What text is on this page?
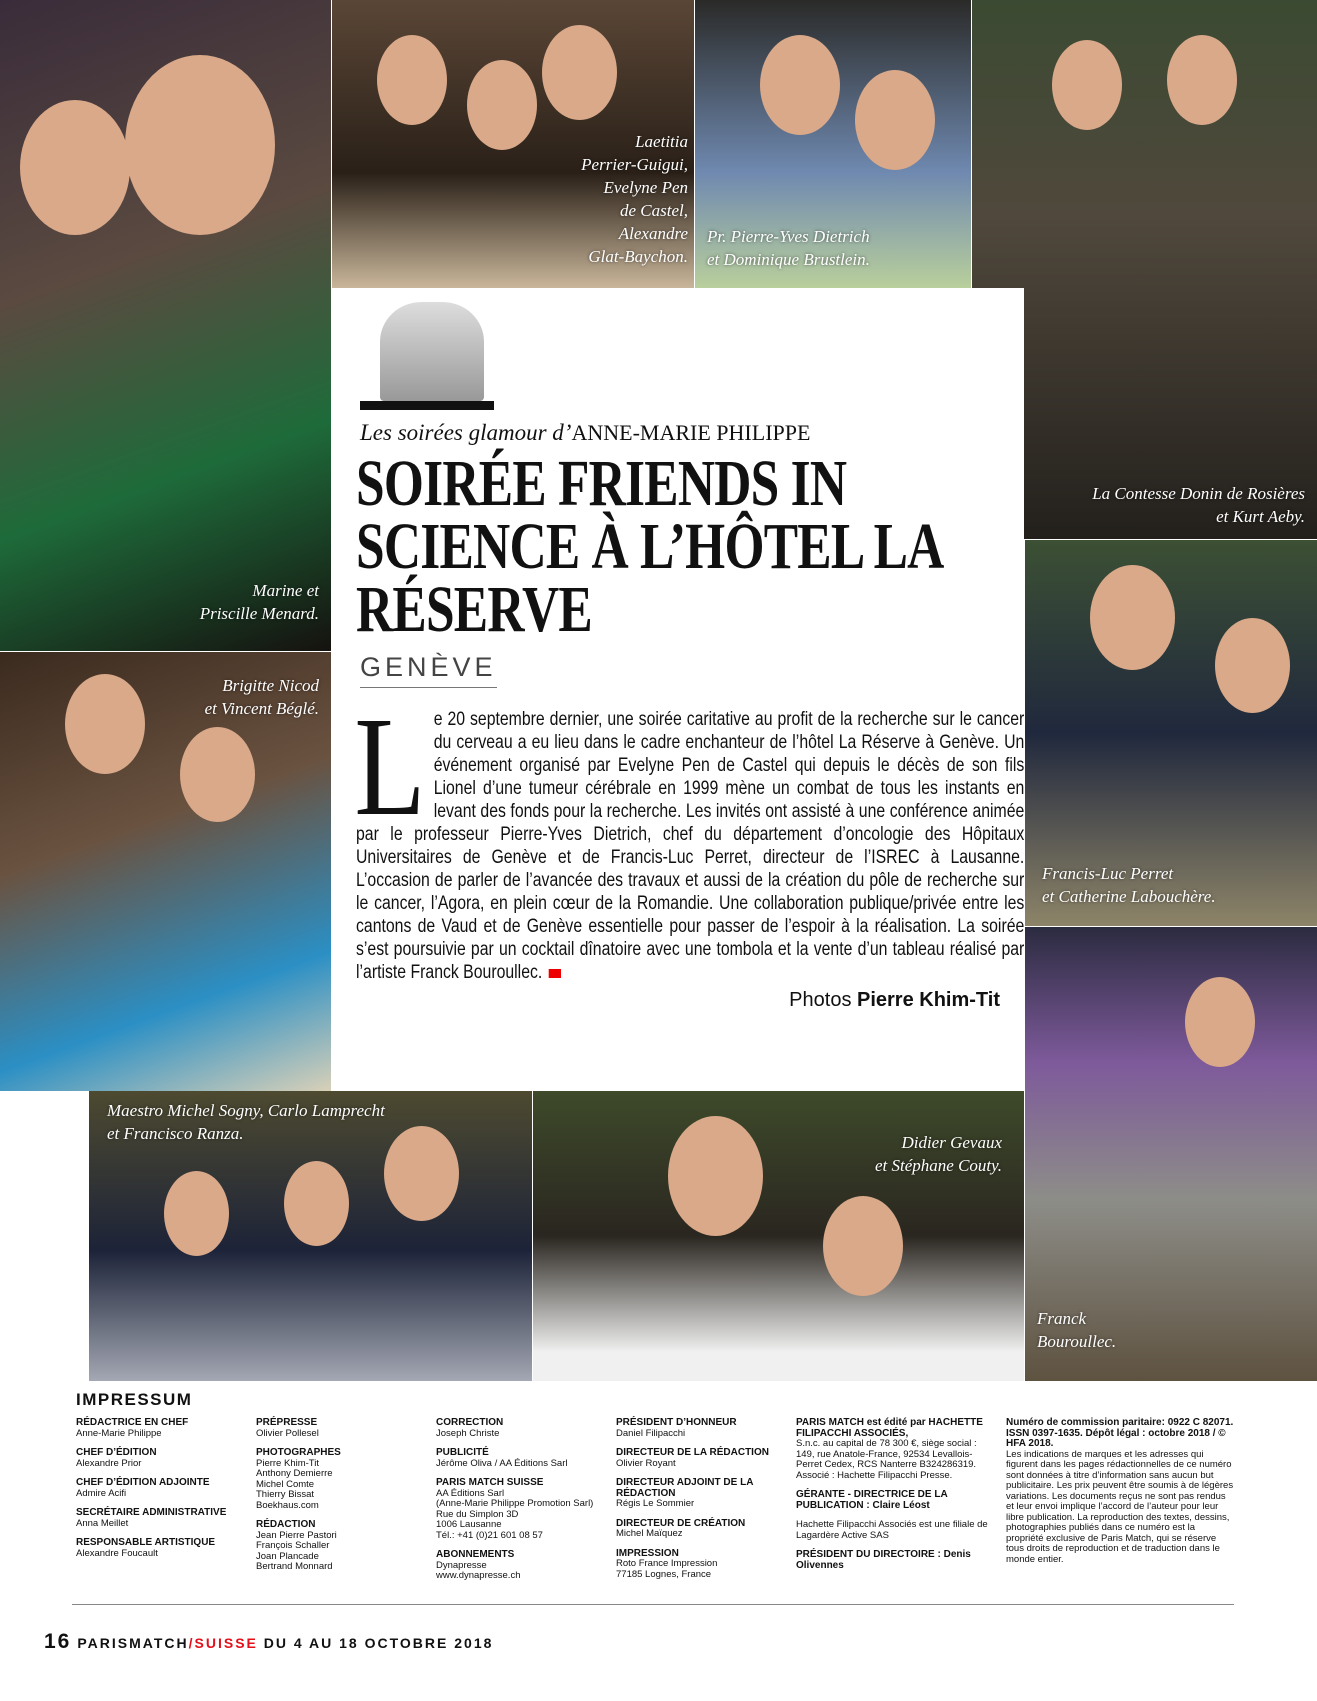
Marine et
Priscille Menard.
Laetitia
Perrier-Guigui,
Evelyne Pen
de Castel,
Alexandre
Glat-Baychon.
Pr. Pierre-Yves Dietrich
et Dominique Brustlein.
La Contesse Donin de Rosières
et Kurt Aeby.
Brigitte Nicod
et Vincent Béglé.
Francis-Luc Perret
et Catherine Labouchère.
Franck
Bouroullec.
Maestro Michel Sogny, Carlo Lamprecht
et Francisco Ranza.	Didier Gevaux
et Stéphane Couty.
Les soirées glamour d’ANNE-MARIE PHILIPPE
SOIRÉE FRIENDS IN SCIENCE À L’HÔTEL LA RÉSERVE
GENÈVE
Le 20 septembre dernier, une soirée caritative au profit de la recherche sur le cancer du cerveau a eu lieu dans le cadre enchanteur de l’hôtel La Réserve à Genève. Un événement organisé par Evelyne Pen de Castel qui depuis le décès de son fils Lionel d’une tumeur cérébrale en 1999 mène un combat de tous les instants en levant des fonds pour la recherche. Les invités ont assisté à une conférence animée par le professeur Pierre-Yves Dietrich, chef du département d’oncologie des Hôpitaux Universitaires de Genève et de Francis-Luc Perret, directeur de l’ISREC à Lausanne. L’occasion de parler de l’avancée des travaux et aussi de la création du pôle de recherche sur le cancer, l’Agora, en plein cœur de la Romandie. Une collaboration publique/privée entre les cantons de Vaud et de Genève essentielle pour passer de l’espoir à la réalisation. La soirée s’est poursuivie par un cocktail dînatoire avec une tombola et la vente d’un tableau réalisé par l’artiste Franck Bouroullec.
Photos Pierre Khim-Tit
IMPRESSUM
RÉDACTRICE EN CHEF
Anne-Marie Philippe
CHEF D’ÉDITION
Alexandre Prior
CHEF D’ÉDITION ADJOINTE
Admire Acifi
SECRÉTAIRE ADMINISTRATIVE
Anna Meillet
RESPONSABLE ARTISTIQUE
Alexandre Foucault
PRÉPRESSE
Olivier Pollesel
PHOTOGRAPHES
Pierre Khim-Tit
Anthony Demierre
Michel Comte
Thierry Bissat
Boekhaus.com
RÉDACTION
Jean Pierre Pastori
François Schaller
Joan Plancade
Bertrand Monnard
CORRECTION
Joseph Christe
PUBLICITÉ
Jérôme Oliva / AA Éditions Sarl
PARIS MATCH SUISSE
AA Éditions Sarl
(Anne-Marie Philippe Promotion Sarl)
Rue du Simplon 3D
1006 Lausanne
Tél.: +41 (0)21 601 08 57
ABONNEMENTS
Dynapresse
www.dynapresse.ch
PRÉSIDENT D’HONNEUR
Daniel Filipacchi
DIRECTEUR DE LA RÉDACTION
Olivier Royant
DIRECTEUR ADJOINT DE LA RÉDACTION
Régis Le Sommier
DIRECTEUR DE CRÉATION
Michel Maïquez
IMPRESSION
Roto France Impression
77185 Lognes, France
PARIS MATCH est édité par HACHETTE FILIPACCHI ASSOCIÉS,
S.n.c. au capital de 78 300 €, siège social : 149, rue Anatole-France, 92534 Levallois-Perret Cedex, RCS Nanterre B324286319. Associé : Hachette Filipacchi Presse.
GÉRANTE - DIRECTRICE DE LA PUBLICATION : Claire Léost
Hachette Filipacchi Associés est une filiale de Lagardère Active SAS
PRÉSIDENT DU DIRECTOIRE : Denis Olivennes
Numéro de commission paritaire: 0922 C 82071. ISSN 0397-1635. Dépôt légal : octobre 2018 / © HFA 2018.
Les indications de marques et les adresses qui figurent dans les pages rédactionnelles de ce numéro sont données à titre d’information sans aucun but publicitaire. Les prix peuvent être soumis à de légères variations. Les documents reçus ne sont pas rendus et leur envoi implique l’accord de l’auteur pour leur libre publication. La reproduction des textes, dessins, photographies publiés dans ce numéro est la propriété exclusive de Paris Match, qui se réserve tous droits de reproduction et de traduction dans le monde entier.
16 PARISMATCH/SUISSE DU 4 AU 18 OCTOBRE 2018
